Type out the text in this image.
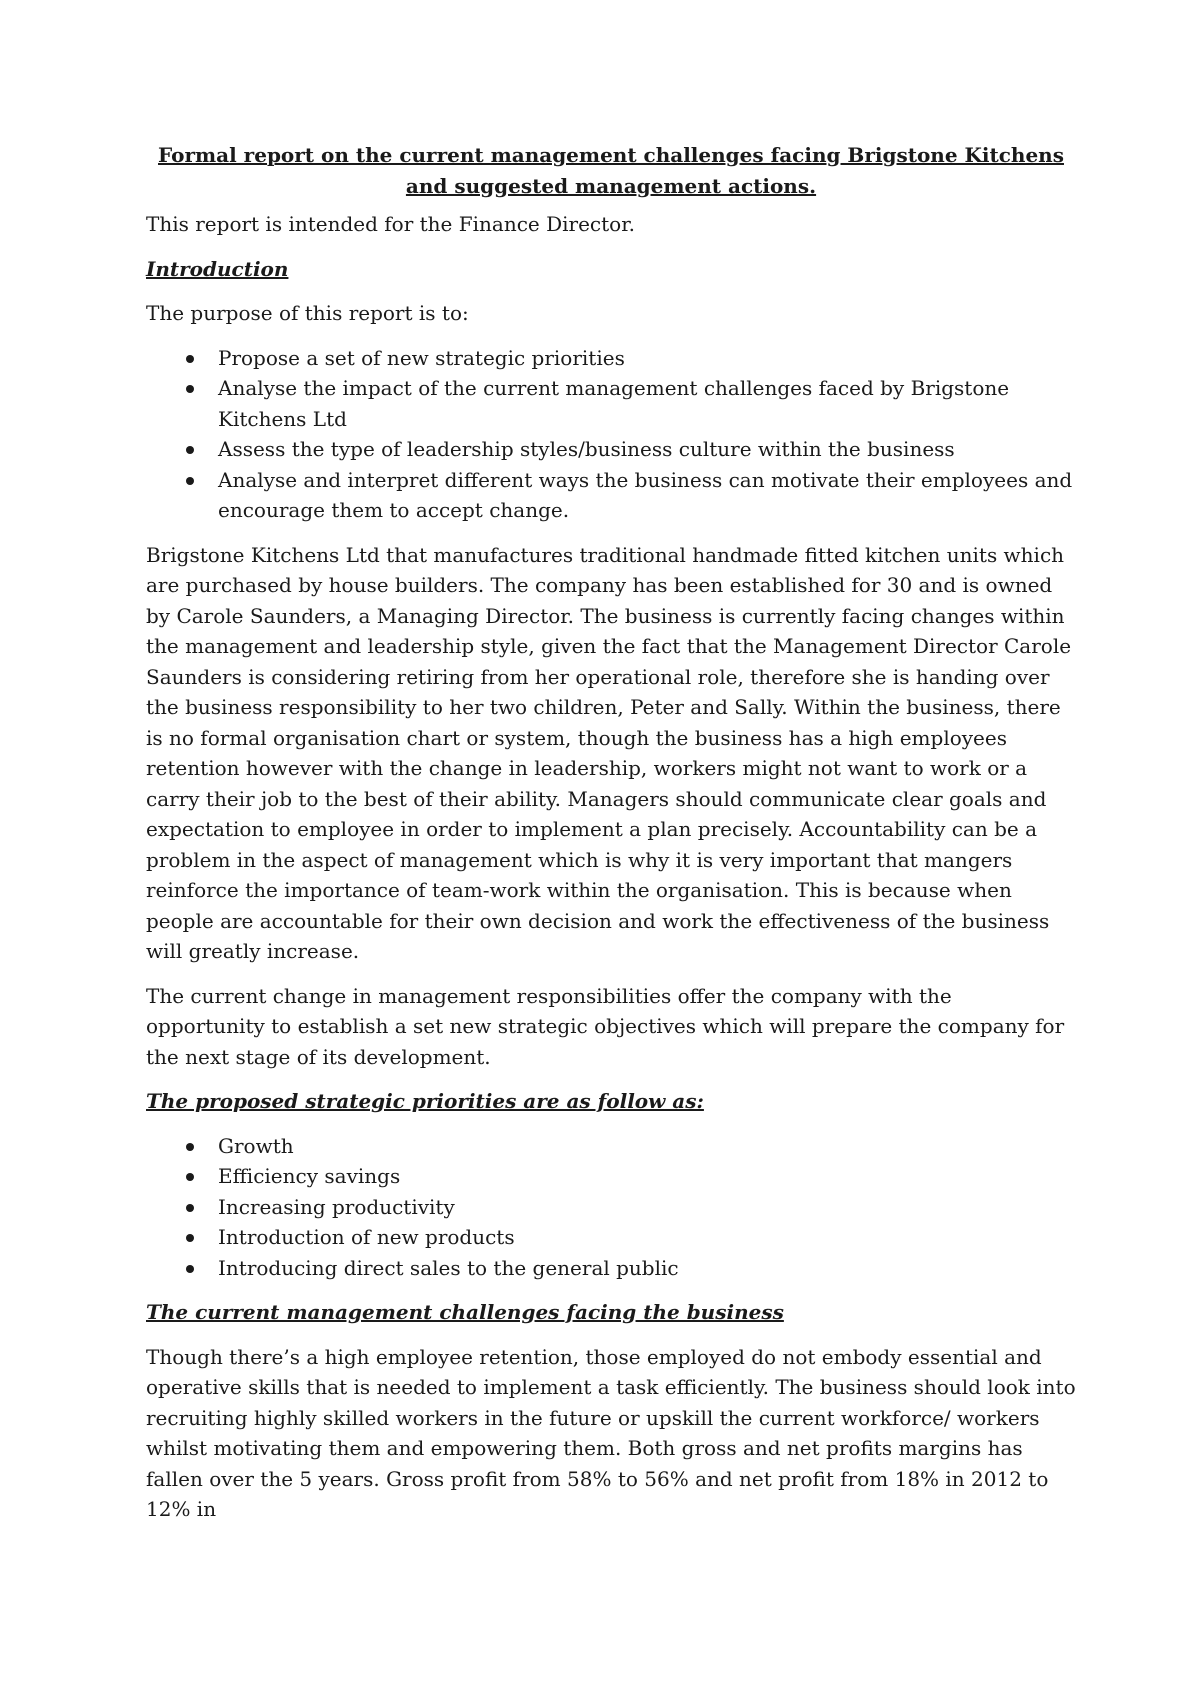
Formal report on the current management challenges facing Brigstone Kitchens and suggested management actions.

This report is intended for the Finance Director.

Introduction

The purpose of this report is to:

Propose a set of new strategic priorities
Analyse the impact of the current management challenges faced by Brigstone Kitchens Ltd
Assess the type of leadership styles/business culture within the business
Analyse and interpret different ways the business can motivate their employees and encourage them to accept change.

Brigstone Kitchens Ltd that manufactures traditional handmade fitted kitchen units which are purchased by house builders. The company has been established for 30 and is owned by Carole Saunders, a Managing Director. The business is currently facing changes within the management and leadership style, given the fact that the Management Director Carole Saunders is considering retiring from her operational role, therefore she is handing over the business responsibility to her two children, Peter and Sally. Within the business, there is no formal organisation chart or system, though the business has a high employees retention however with the change in leadership, workers might not want to work or a carry their job to the best of their ability. Managers should communicate clear goals and expectation to employee in order to implement a plan precisely. Accountability can be a problem in the aspect of management which is why it is very important that mangers reinforce the importance of team-work within the organisation. This is because when people are accountable for their own decision and work the effectiveness of the business will greatly increase.

The current change in management responsibilities offer the company with the opportunity to establish a set new strategic objectives which will prepare the company for the next stage of its development.

The proposed strategic priorities are as follow as:
Growth
Efficiency savings
Increasing productivity
Introduction of new products
Introducing direct sales to the general public
The current management challenges facing the business

Though there’s a high employee retention, those employed do not embody essential and operative skills that is needed to implement a task efficiently. The business should look into recruiting highly skilled workers in the future or upskill the current workforce/ workers whilst motivating them and empowering them. Both gross and net profits margins has fallen over the 5 years. Gross profit from 58% to 56% and net profit from 18% in 2012 to 12% in
